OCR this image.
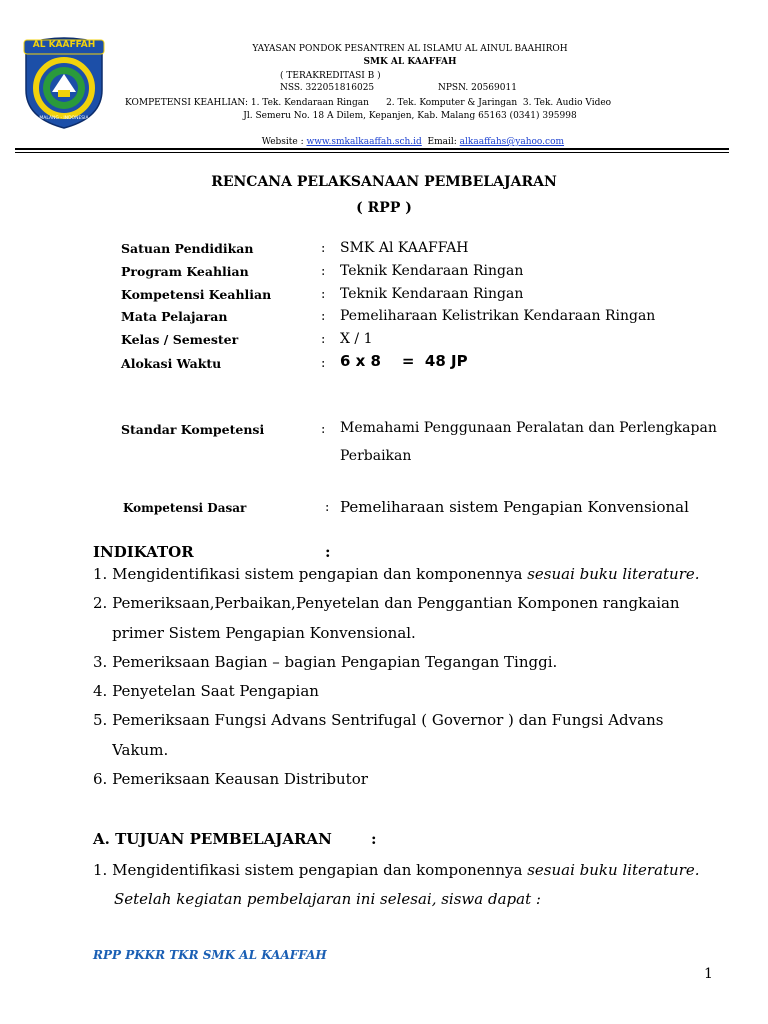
AL KAAFFAH
MALANG - INDONESIA
YAYASAN PONDOK PESANTREN AL ISLAMU AL AINUL BAAHIROH
SMK AL KAAFFAH
( TERAKREDITASI B )
NSS. 322051816025	NPSN. 20569011
KOMPETENSI KEAHLIAN: 1. Tek. Kendaraan Ringan      2. Tek. Komputer & Jaringan  3. Tek. Audio Video
Jl. Semeru No. 18 A Dilem, Kepanjen, Kab. Malang 65163 (0341) 395998

Website : www.smkalkaaffah.sch.id  Email: alkaaffahs@yahoo.com

RENCANA PELAKSANAAN PEMBELAJARAN
( RPP )
Satuan Pendidikan	: SMK Al KAAFFAH
Program Keahlian	: Teknik Kendaraan Ringan
Kompetensi Keahlian	: Teknik Kendaraan Ringan
Mata Pelajaran	: Pemeliharaan Kelistrikan Kendaraan Ringan
Kelas / Semester	: X / 1
Alokasi Waktu	: 6 x 8    =  48 JP
Standar Kompetensi	: Memahami Penggunaan Peralatan dan Perlengkapan
Perbaikan
Kompetensi Dasar	: Pemeliharaan sistem Pengapian Konvensional
INDIKATOR	:
1. Mengidentifikasi sistem pengapian dan komponennya sesuai buku literature.
2. Pemeriksaan,Perbaikan,Penyetelan dan Penggantian Komponen rangkaian
primer Sistem Pengapian Konvensional.
3. Pemeriksaan Bagian – bagian Pengapian Tegangan Tinggi.
4. Penyetelan Saat Pengapian
5. Pemeriksaan Fungsi Advans Sentrifugal ( Governor ) dan Fungsi Advans
Vakum.
6. Pemeriksaan Keausan Distributor
A. TUJUAN PEMBELAJARAN	:
1. Mengidentifikasi sistem pengapian dan komponennya sesuai buku literature.
Setelah kegiatan pembelajaran ini selesai, siswa dapat :
RPP PKKR TKR SMK AL KAAFFAH
1
